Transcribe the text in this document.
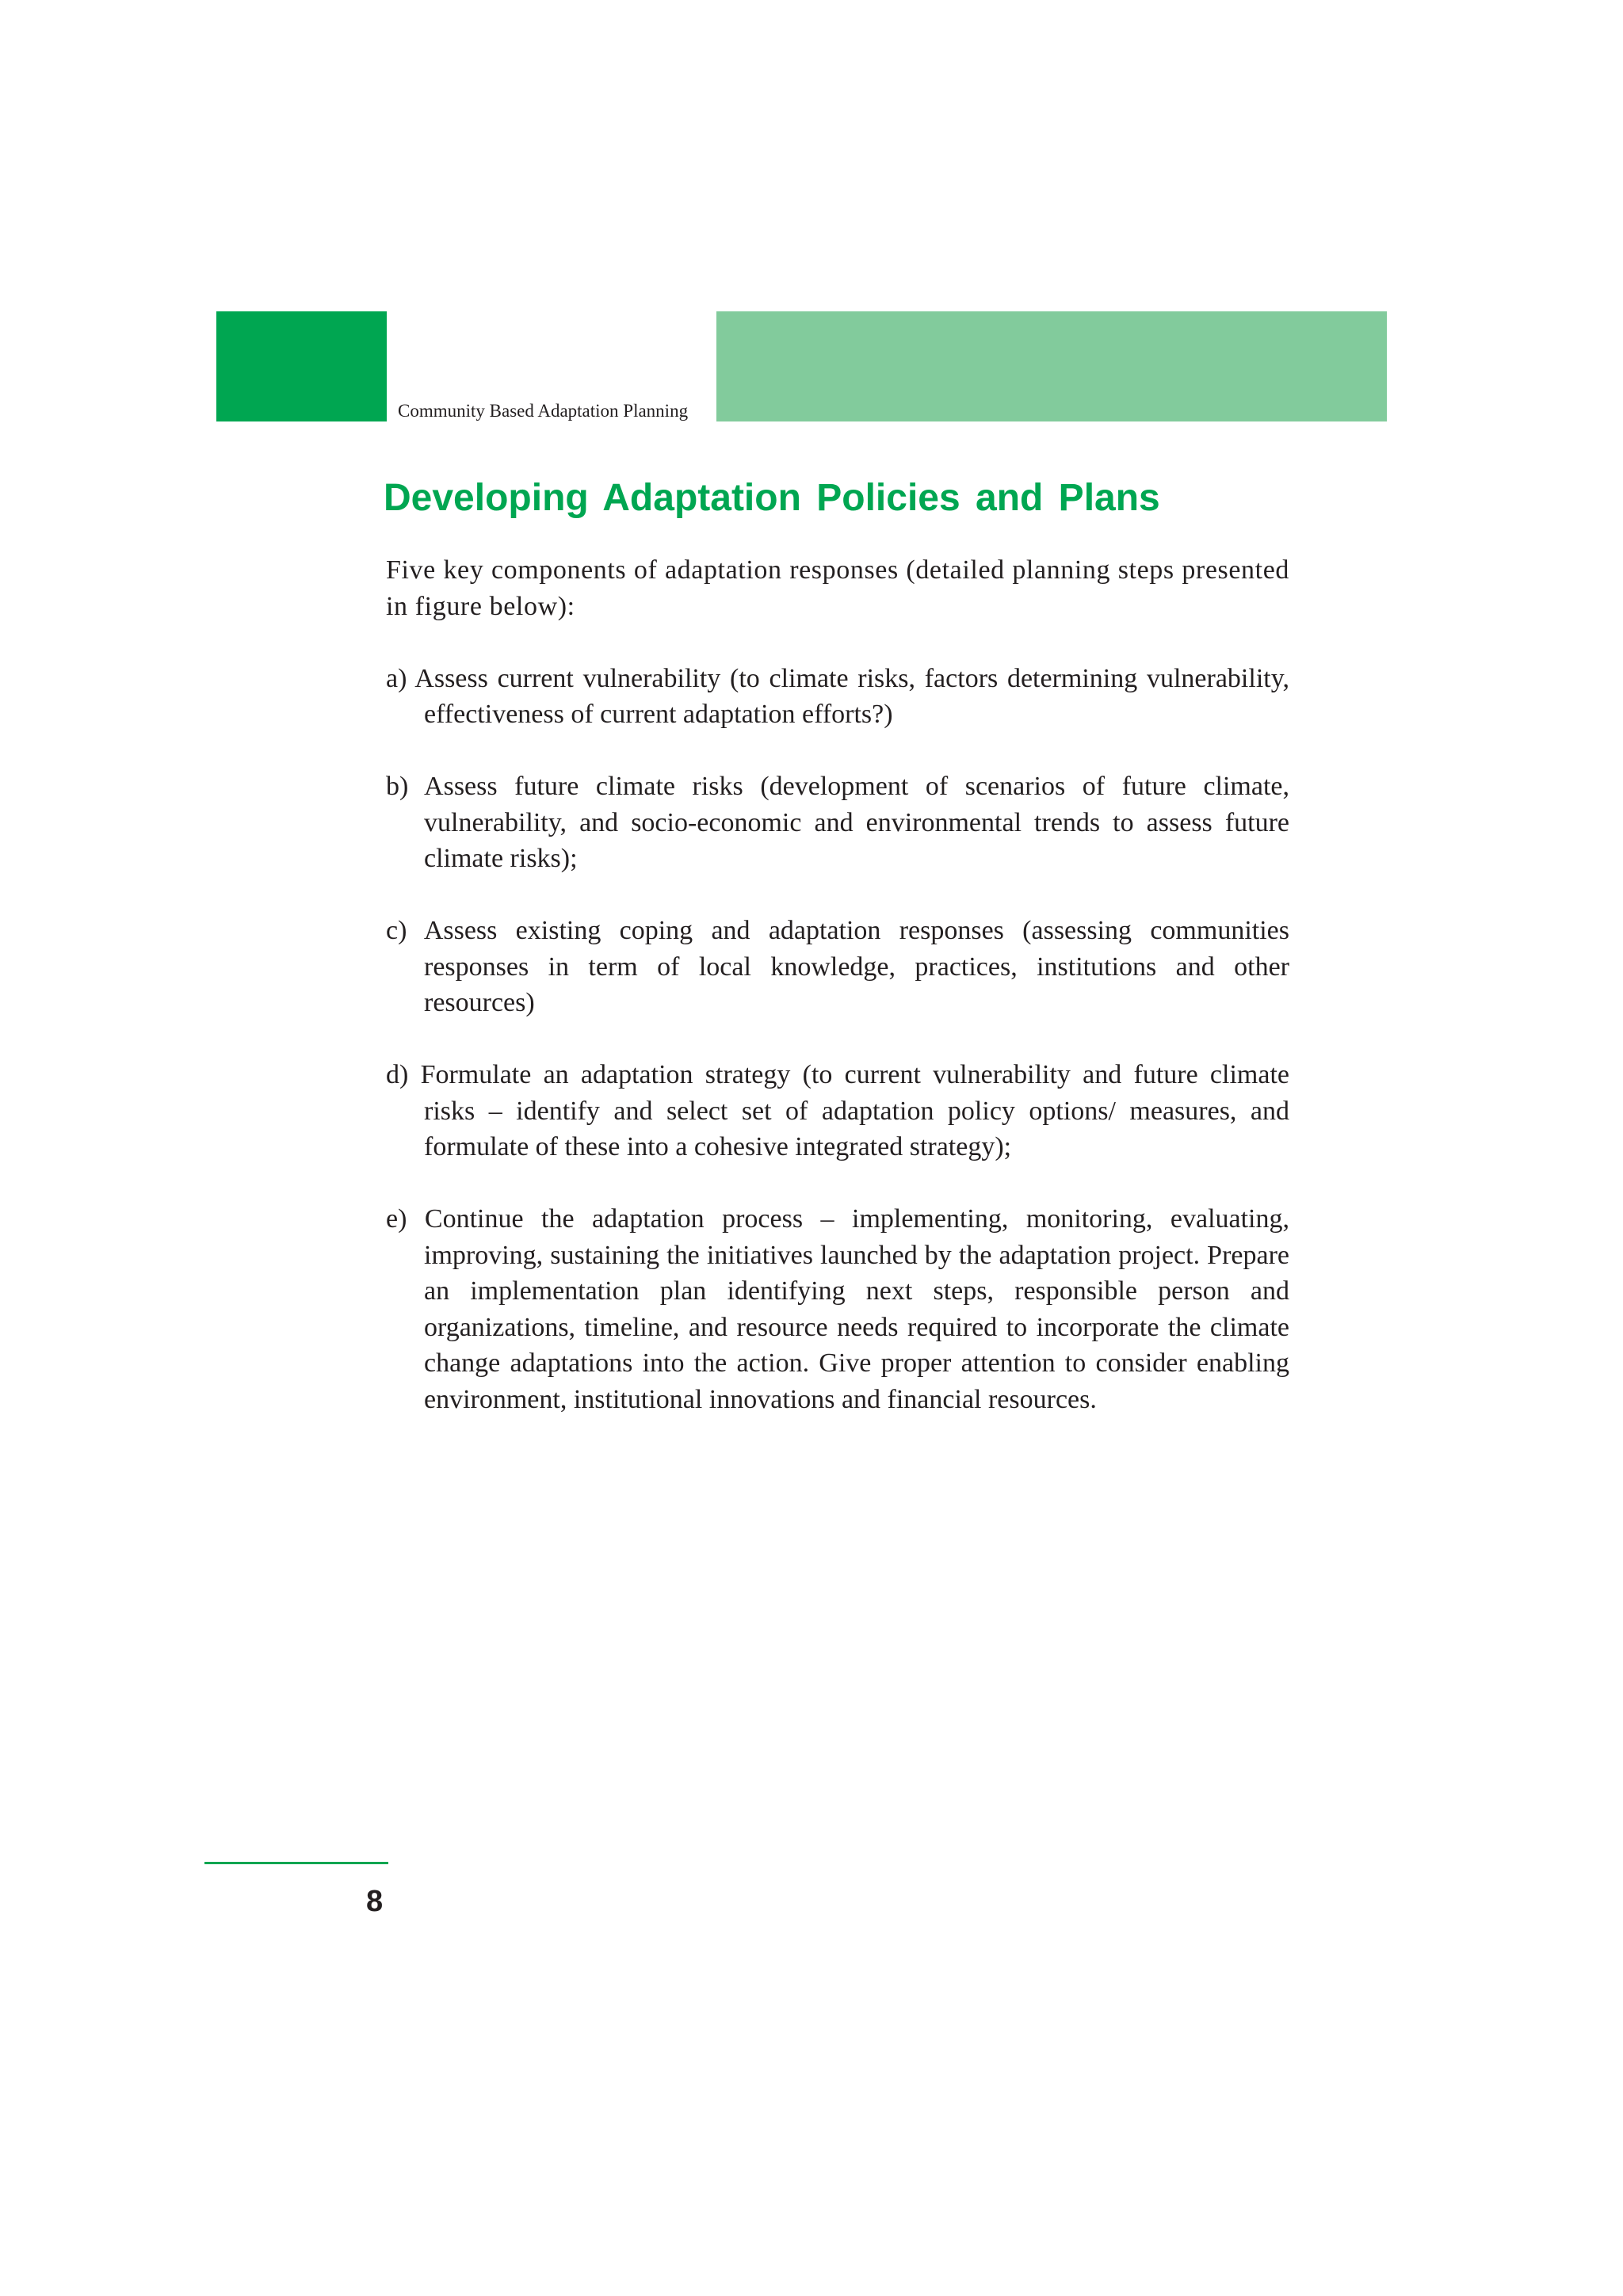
Community Based Adaptation Planning
Developing Adaptation Policies and Plans

Five key components of adaptation responses (detailed planning steps presented in figure below):

a) Assess current vulnerability (to climate risks, factors determining vulnerability, effectiveness of current adaptation efforts?)

b) Assess future climate risks (development of scenarios of future climate, vulnerability, and socio-economic and environmental trends to assess future climate risks);

c) Assess existing coping and adaptation responses (assessing communities responses in term of local knowledge, practices, institutions and other resources)

d) Formulate an adaptation strategy (to current vulnerability and future climate risks – identify and select set of adaptation policy options/ measures, and formulate of these into a cohesive integrated strategy);

e) Continue the adaptation process – implementing, monitoring, evaluating, improving, sustaining the initiatives launched by the adaptation project. Prepare an implementation plan identifying next steps, responsible person and organizations, timeline, and resource needs required to incorporate the climate change adaptations into the action. Give proper attention to consider enabling environment, institutional innovations and financial resources.

8
